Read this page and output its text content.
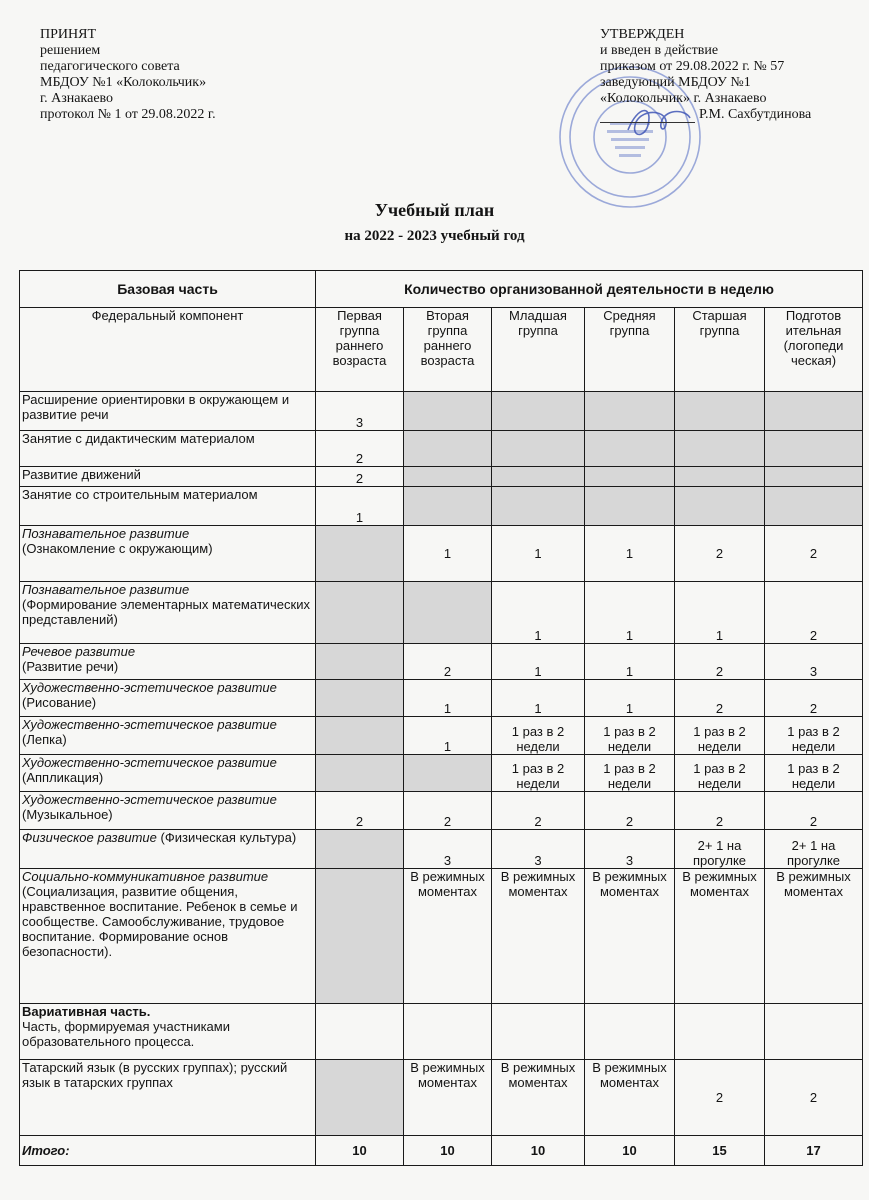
ПРИНЯТ
решением
педагогического совета
МБДОУ №1 «Колокольчик»
г. Азнакаево
протокол № 1 от 29.08.2022 г.
УТВЕРЖДЕН
и введен в действие
приказом от 29.08.2022 г. № 57
заведующий МБДОУ №1
«Колокольчик» г. Азнакаево
Р.М. Сахбутдинова
Учебный план
на 2022 - 2023 учебный год
Базовая часть	Количество организованной деятельности в неделю					
Федеральный компонент	Первая группа раннего возраста	Вторая группа раннего возраста	Младшая группа	Средняя группа	Старшая группа	Подготов ительная (логопеди ческая)
Расширение ориентировки в окружающем и развитие речи	3					
Занятие с дидактическим материалом	2					
Развитие движений	2					
Занятие со строительным материалом	1					
Познавательное развитие
(Ознакомление с окружающим)		1	1	1	2	2
Познавательное развитие
(Формирование элементарных математических представлений)			1	1	1	2
Речевое развитие
(Развитие речи)		2	1	1	2	3
Художественно-эстетическое развитие (Рисование)		1	1	1	2	2
Художественно-эстетическое развитие (Лепка)		1	1 раз в 2 недели	1 раз в 2 недели	1 раз в 2 недели	1 раз в 2 недели
Художественно-эстетическое развитие (Аппликация)			1 раз в 2 недели	1 раз в 2 недели	1 раз в 2 недели	1 раз в 2 недели
Художественно-эстетическое развитие (Музыкальное)	2	2	2	2	2	2
Физическое развитие (Физическая культура)		3	3	3	2+ 1 на прогулке	2+ 1 на прогулке
Социально-коммуникативное развитие
(Социализация, развитие общения, нравственное воспитание. Ребенок в семье и сообществе. Самообслуживание, трудовое воспитание. Формирование основ безопасности).		В режимных моментах	В режимных моментах	В режимных моментах	В режимных моментах	В режимных моментах
Вариативная часть.
Часть, формируемая участниками образовательного процесса.						
Татарский язык (в русских группах); русский язык в татарских группах		В режимных моментах	В режимных моментах	В режимных моментах	2	2
Итого:	10	10	10	10	15	17
